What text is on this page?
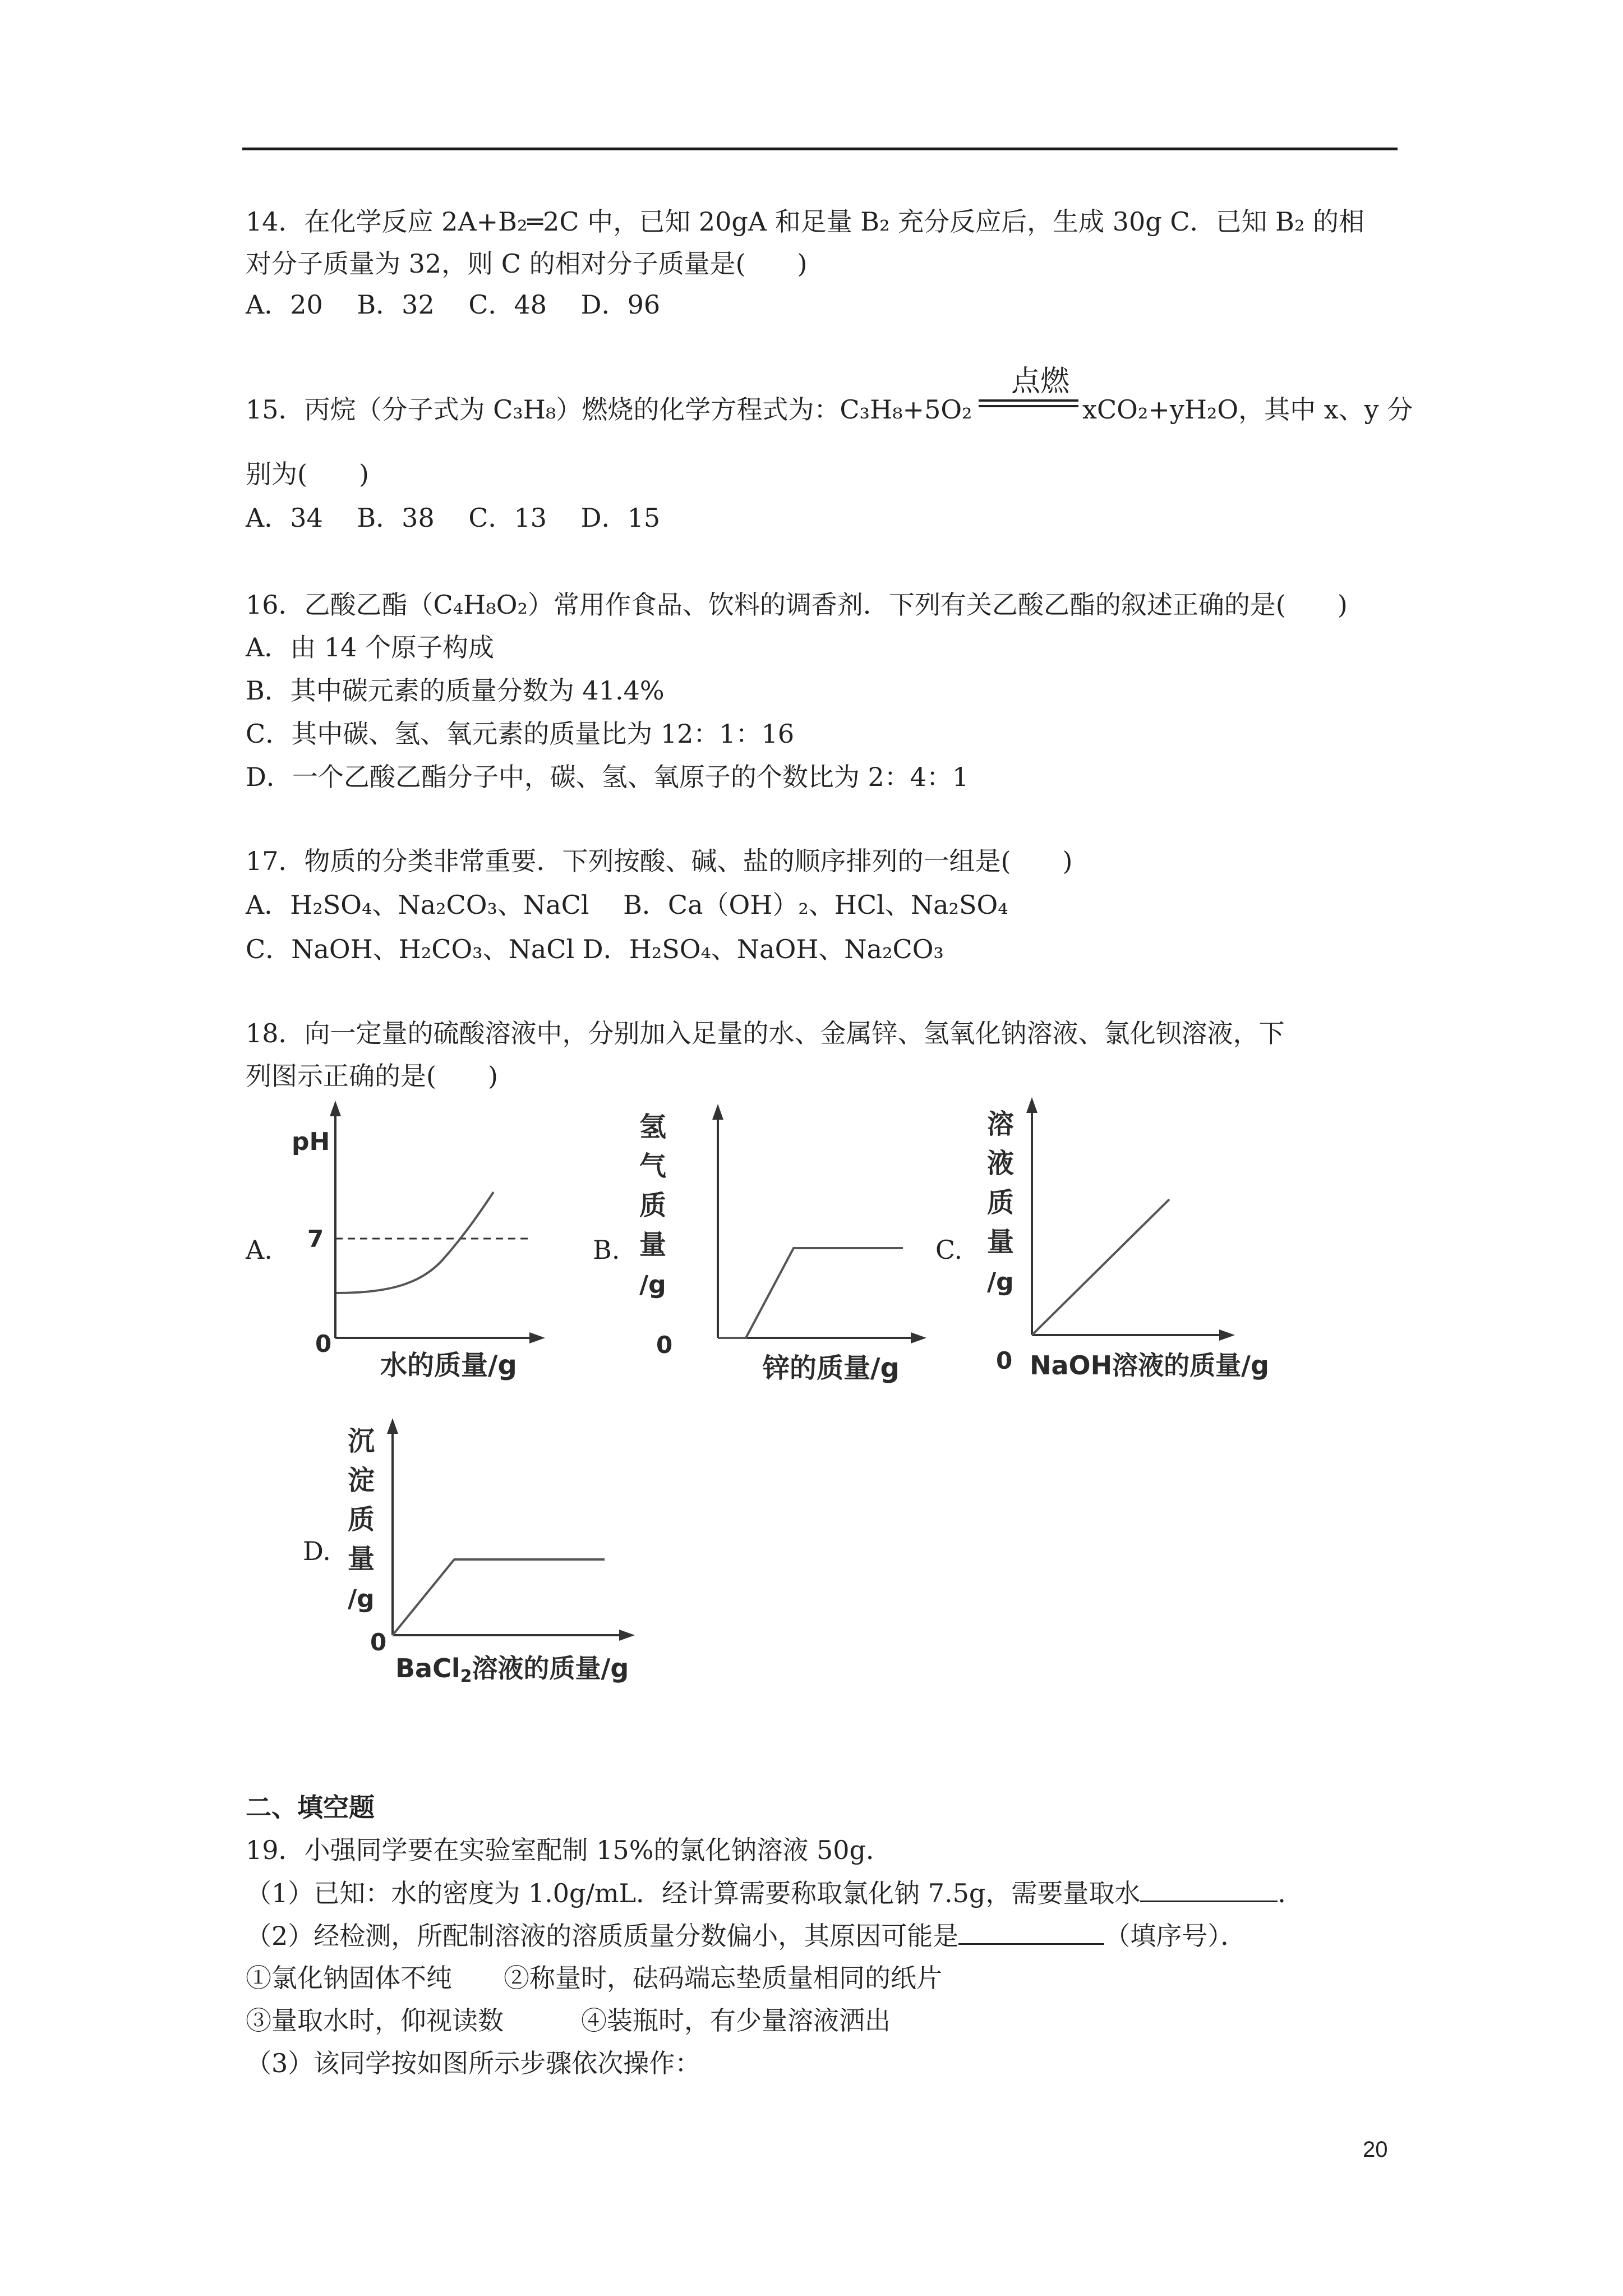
14．在化学反应 2A+B₂═2C 中，已知 20gA 和足量 B₂ 充分反应后，生成 30g C．已知 B₂ 的相
对分子质量为 32，则 C 的相对分子质量是(　　)
A．20　 B．32　 C．48　 D．96
点燃
15．丙烷（分子式为 C₃H₈）燃烧的化学方程式为：C₃H₈+5O₂	xCO₂+yH₂O，其中 x、y 分
别为(　　)
A．34　 B．38　 C．13　 D．15
16．乙酸乙酯（C₄H₈O₂）常用作食品、饮料的调香剂．下列有关乙酸乙酯的叙述正确的是(　　)
A．由 14 个原子构成
B．其中碳元素的质量分数为 41.4%
C．其中碳、氢、氧元素的质量比为 12：1：16
D．一个乙酸乙酯分子中，碳、氢、氧原子的个数比为 2：4：1
17．物质的分类非常重要．下列按酸、碱、盐的顺序排列的一组是(　　)
A．H₂SO₄、Na₂CO₃、NaCl　 B．Ca（OH）₂、HCl、Na₂SO₄
C．NaOH、H₂CO₃、NaCl D．H₂SO₄、NaOH、Na₂CO₃
18．向一定量的硫酸溶液中，分别加入足量的水、金属锌、氢氧化钠溶液、氯化钡溶液，下
列图示正确的是(　　)
A.
pH
7
0
水的质量/g
B.
氢
气
质
量
/g
0
锌的质量/g
C.
溶
液
质
量
/g
0 NaOH溶液的质量/g
D.
沉
淀
质
量
/g
0
BaCl2溶液的质量/g
二、填空题
19．小强同学要在实验室配制 15%的氯化钠溶液 50g．
（1）已知：水的密度为 1.0g/mL．经计算需要称取氯化钠 7.5g，需要量取水	．
（2）经检测，所配制溶液的溶质质量分数偏小，其原因可能是	（填序号）．
①氯化钠固体不纯　　②称量时，砝码端忘垫质量相同的纸片
③量取水时，仰视读数　　　④装瓶时，有少量溶液洒出
（3）该同学按如图所示步骤依次操作：
20
